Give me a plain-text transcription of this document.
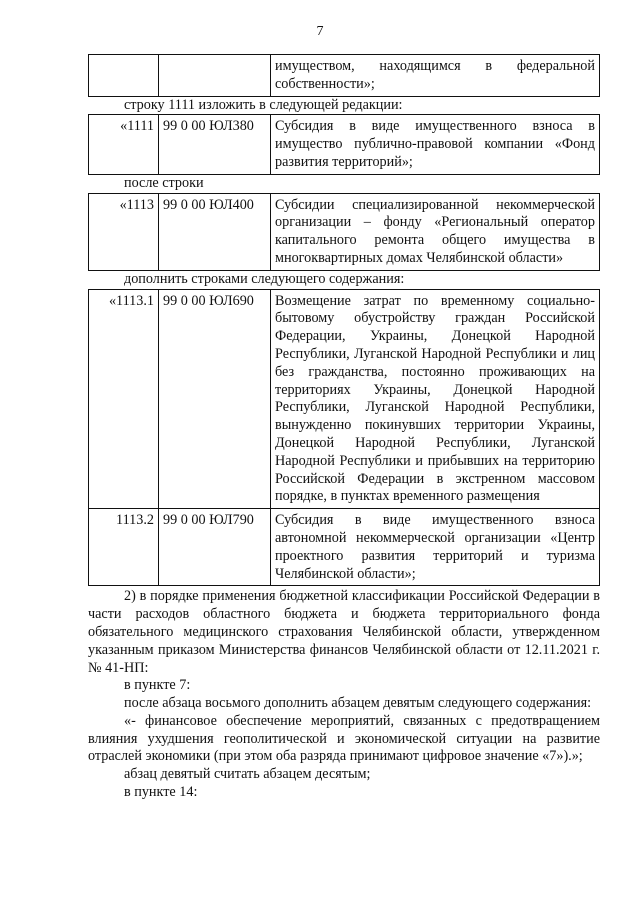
7
		имуществом, находящимся в федеральной собственности»;

строку 1111 изложить в следующей редакции:

«1111	99 0 00 ЮЛ380	Субсидия в виде имущественного взноса в имущество публично-правовой компании «Фонд развития территорий»;

после строки

«1113	99 0 00 ЮЛ400	Субсидии специализированной некоммерческой организации – фонду «Региональный оператор капитального ремонта общего имущества в многоквартирных домах Челябинской области»

дополнить строками следующего содержания:

«1113.1	99 0 00 ЮЛ690	Возмещение затрат по временному социально-бытовому обустройству граждан Российской Федерации, Украины, Донецкой Народной Республики, Луганской Народной Республики и лиц без гражданства, постоянно проживающих на территориях Украины, Донецкой Народной Республики, Луганской Народной Республики, вынужденно покинувших территории Украины, Донецкой Народной Республики, Луганской Народной Республики и прибывших на территорию Российской Федерации в экстренном массовом порядке, в пунктах временного размещения
1113.2	99 0 00 ЮЛ790	Субсидия в виде имущественного взноса автономной некоммерческой организации «Центр проектного развития территорий и туризма Челябинской области»;

2) в порядке применения бюджетной классификации Российской Федерации в части расходов областного бюджета и бюджета территориального фонда обязательного медицинского страхования Челябинской области, утвержденном указанным приказом Министерства финансов Челябинской области от 12.11.2021 г. № 41-НП:

в пункте 7:

после абзаца восьмого дополнить абзацем девятым следующего содержания:

«- финансовое обеспечение мероприятий, связанных с предотвращением влияния ухудшения геополитической и экономической ситуации на развитие отраслей экономики (при этом оба разряда принимают цифровое значение «7»).»;

абзац девятый считать абзацем десятым;

в пункте 14:
